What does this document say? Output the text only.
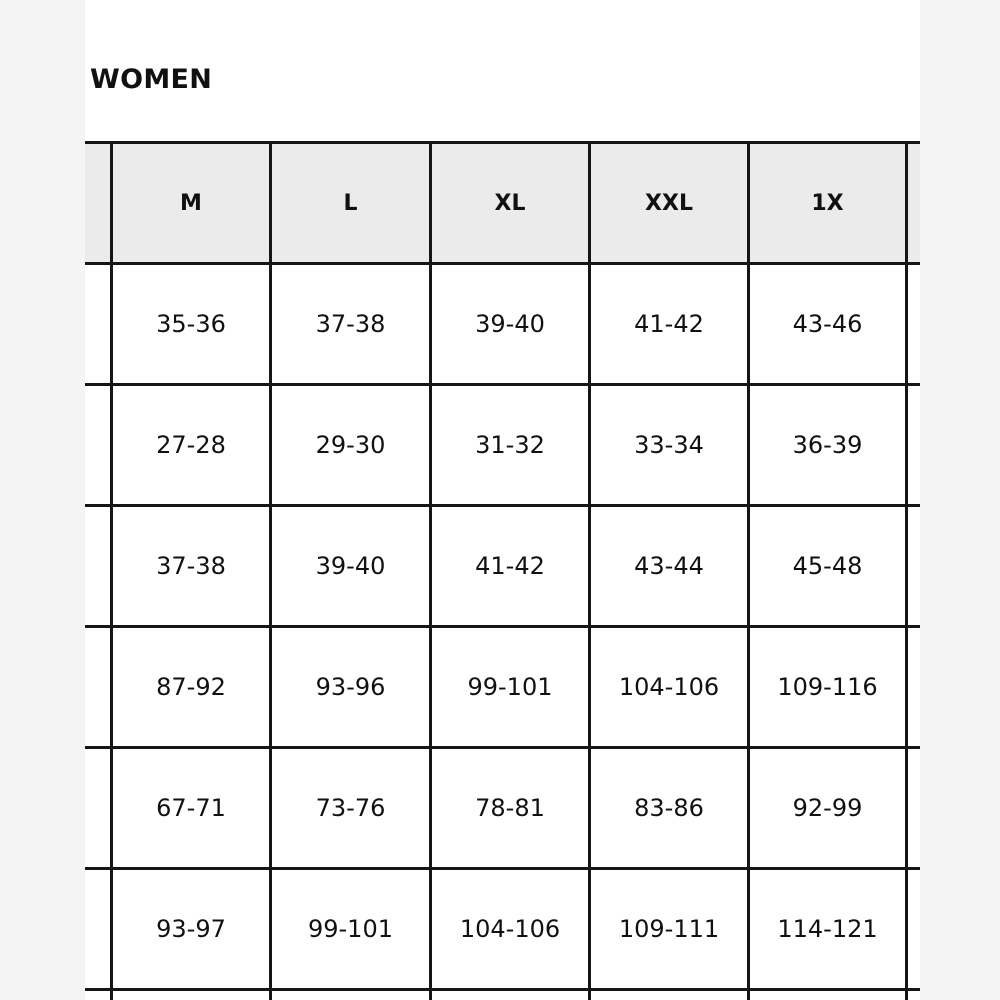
WOMEN
M	L	XL	XXL	1X
35-36	37-38	39-40	41-42	43-46
27-28	29-30	31-32	33-34	36-39
37-38	39-40	41-42	43-44	45-48
87-92	93-96	99-101	104-106	109-116
67-71	73-76	78-81	83-86	92-99
93-97	99-101	104-106	109-111	114-121
